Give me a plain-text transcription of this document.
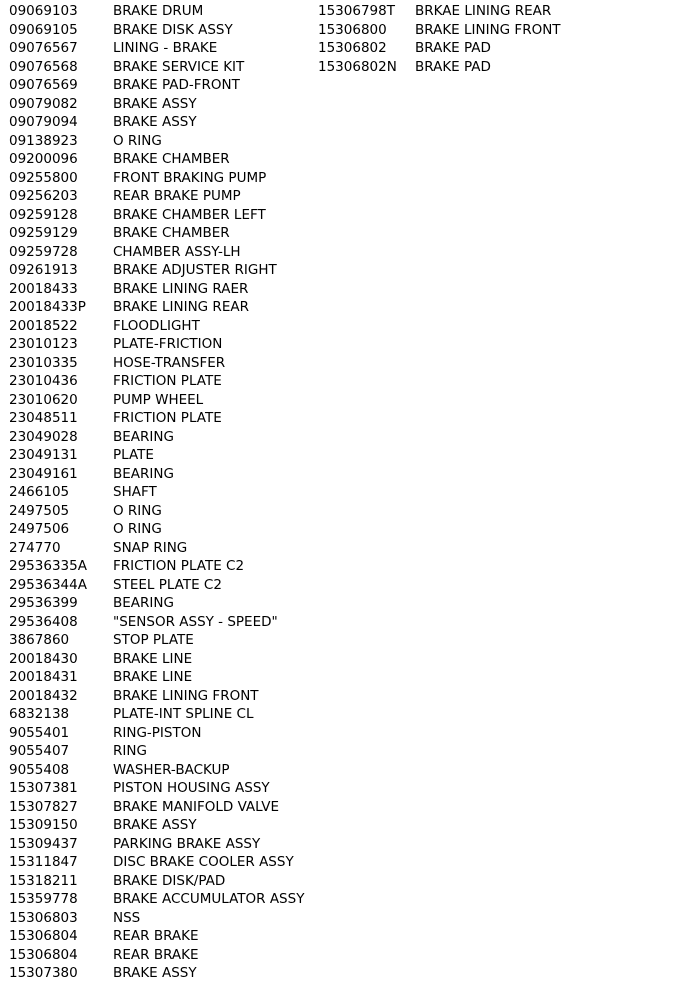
09069103	BRAKE DRUM
09069105	BRAKE DISK ASSY
09076567	LINING - BRAKE
09076568	BRAKE SERVICE KIT
09076569	BRAKE PAD-FRONT
09079082	BRAKE ASSY
09079094	BRAKE ASSY
09138923	O RING
09200096	BRAKE CHAMBER
09255800	FRONT BRAKING PUMP
09256203	REAR BRAKE PUMP
09259128	BRAKE CHAMBER LEFT
09259129	BRAKE CHAMBER
09259728	CHAMBER ASSY-LH
09261913	BRAKE ADJUSTER RIGHT
20018433	BRAKE LINING RAER
20018433P BRAKE LINING REAR
20018522	FLOODLIGHT
23010123	PLATE-FRICTION
23010335	HOSE-TRANSFER
23010436	FRICTION PLATE
23010620	PUMP WHEEL
23048511	FRICTION PLATE
23049028	BEARING
23049131	PLATE
23049161	BEARING
2466105	SHAFT
2497505	O RING
2497506	O RING
274770	SNAP RING
29536335A FRICTION PLATE C2
29536344A STEEL PLATE C2
29536399	BEARING
29536408	"SENSOR ASSY - SPEED"
3867860	STOP PLATE
20018430	BRAKE LINE
20018431	BRAKE LINE
20018432	BRAKE LINING FRONT
6832138	PLATE-INT SPLINE CL
9055401	RING-PISTON
9055407	RING
9055408	WASHER-BACKUP
15307381	PISTON HOUSING ASSY
15307827	BRAKE MANIFOLD VALVE
15309150	BRAKE ASSY
15309437	PARKING BRAKE ASSY
15311847	DISC BRAKE COOLER ASSY
15318211	BRAKE DISK/PAD
15359778	BRAKE ACCUMULATOR ASSY
15306803	NSS
15306804	REAR BRAKE
15306804	REAR BRAKE
15307380	BRAKE ASSY
15306798T BRKAE LINING REAR
15306800 BRAKE LINING FRONT
15306802 BRAKE PAD
15306802N BRAKE PAD
